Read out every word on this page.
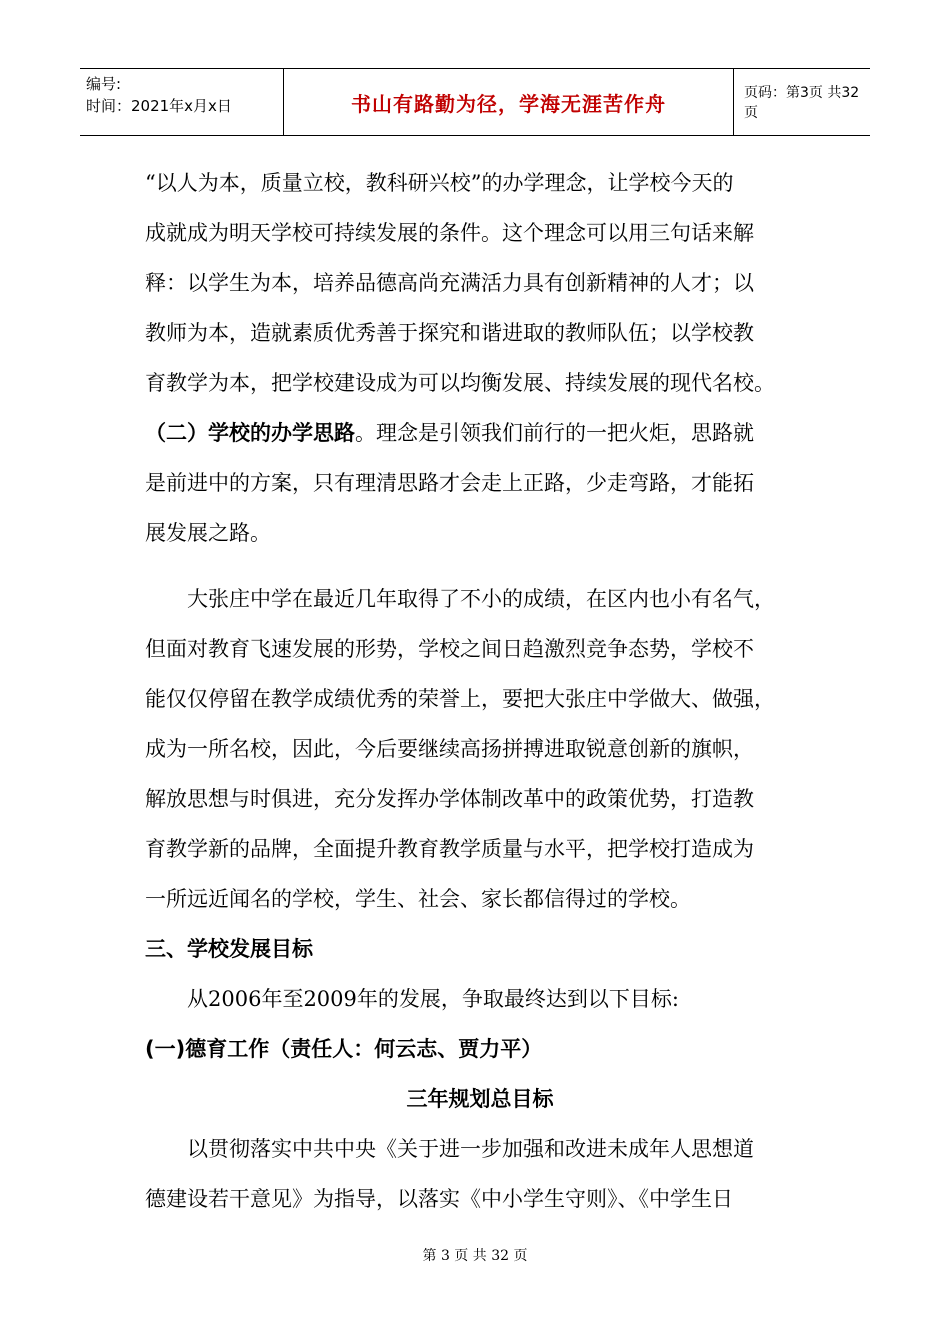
编号:
时间：2021年x月x日	书山有路勤为径，学海无涯苦作舟	页码：第3页 共32页
“以人为本，质量立校，教科研兴校”的办学理念，让学校今天的
成就成为明天学校可持续发展的条件。这个理念可以用三句话来解
释：以学生为本，培养品德高尚充满活力具有创新精神的人才；以
教师为本，造就素质优秀善于探究和谐进取的教师队伍；以学校教
育教学为本，把学校建设成为可以均衡发展、持续发展的现代名校。
（二）学校的办学思路。理念是引领我们前行的一把火炬，思路就
是前进中的方案，只有理清思路才会走上正路，少走弯路，才能拓
展发展之路。
大张庄中学在最近几年取得了不小的成绩，在区内也小有名气，
但面对教育飞速发展的形势，学校之间日趋激烈竞争态势，学校不
能仅仅停留在教学成绩优秀的荣誉上，要把大张庄中学做大、做强，
成为一所名校，因此，今后要继续高扬拼搏进取锐意创新的旗帜，
解放思想与时俱进，充分发挥办学体制改革中的政策优势，打造教
育教学新的品牌，全面提升教育教学质量与水平，把学校打造成为
一所远近闻名的学校，学生、社会、家长都信得过的学校。
三、学校发展目标
从2006年至2009年的发展，争取最终达到以下目标:
(一)德育工作（责任人：何云志、贾力平）
三年规划总目标
以贯彻落实中共中央《关于进一步加强和改进未成年人思想道
德建设若干意见》为指导，以落实《中小学生守则》、《中学生日
第 3 页 共 32 页
